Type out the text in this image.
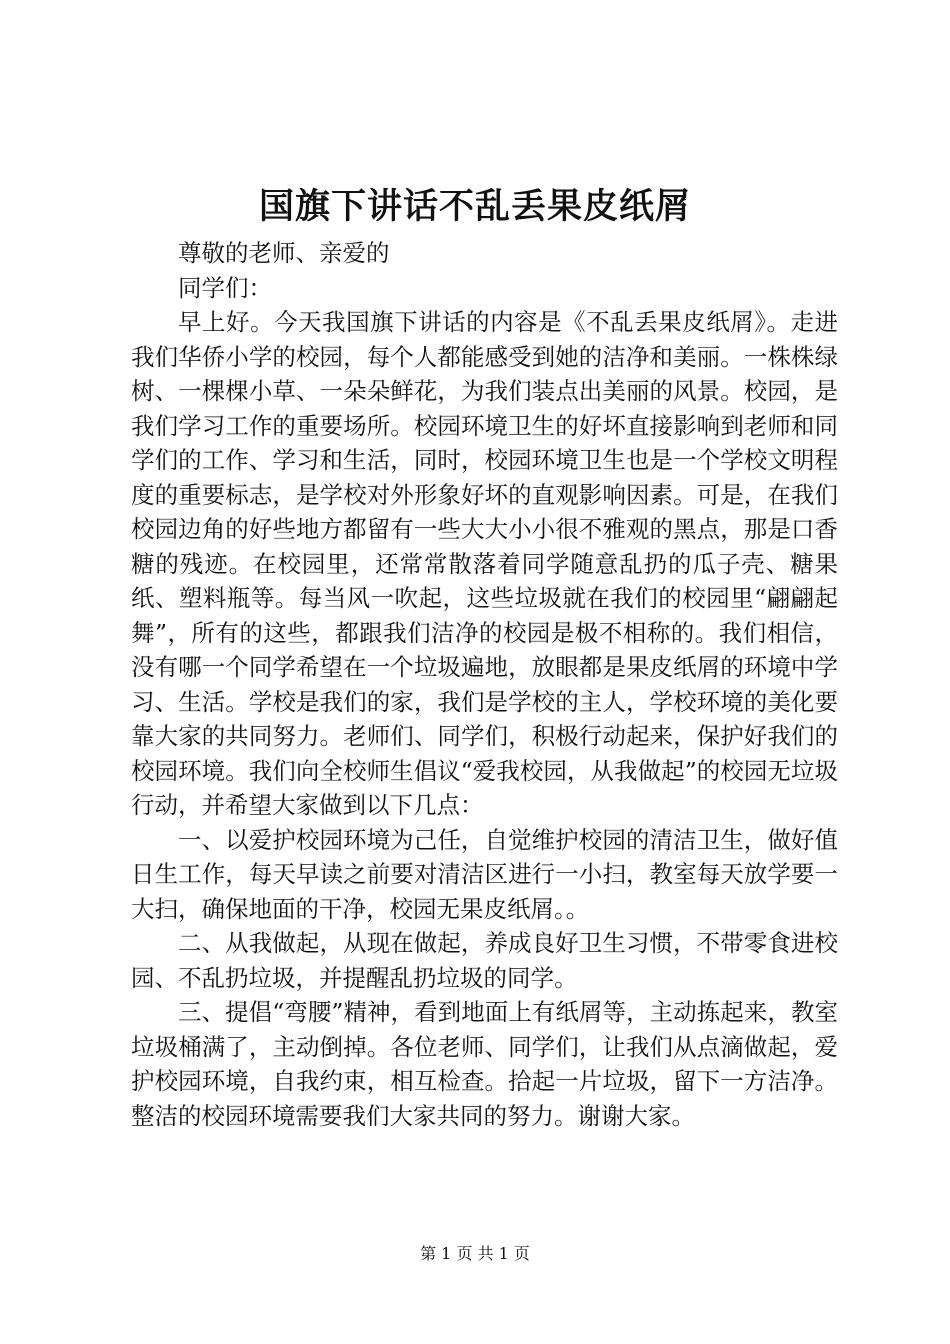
国旗下讲话不乱丢果皮纸屑

尊敬的老师、亲爱的

同学们：

早上好。今天我国旗下讲话的内容是《不乱丢果皮纸屑》。走进我们华侨小学的校园，每个人都能感受到她的洁净和美丽。一株株绿树、一棵棵小草、一朵朵鲜花，为我们装点出美丽的风景。校园，是我们学习工作的重要场所。校园环境卫生的好坏直接影响到老师和同学们的工作、学习和生活，同时，校园环境卫生也是一个学校文明程度的重要标志，是学校对外形象好坏的直观影响因素。可是，在我们校园边角的好些地方都留有一些大大小小很不雅观的黑点，那是口香糖的残迹。在校园里，还常常散落着同学随意乱扔的瓜子壳、糖果纸、塑料瓶等。每当风一吹起，这些垃圾就在我们的校园里“翩翩起舞”，所有的这些，都跟我们洁净的校园是极不相称的。我们相信，没有哪一个同学希望在一个垃圾遍地，放眼都是果皮纸屑的环境中学习、生活。学校是我们的家，我们是学校的主人，学校环境的美化要靠大家的共同努力。老师们、同学们，积极行动起来，保护好我们的校园环境。我们向全校师生倡议“爱我校园，从我做起”的校园无垃圾行动，并希望大家做到以下几点：

一、以爱护校园环境为己任，自觉维护校园的清洁卫生，做好值日生工作，每天早读之前要对清洁区进行一小扫，教室每天放学要一大扫，确保地面的干净，校园无果皮纸屑。。

二、从我做起，从现在做起，养成良好卫生习惯，不带零食进校园、不乱扔垃圾，并提醒乱扔垃圾的同学。

三、提倡“弯腰”精神，看到地面上有纸屑等，主动拣起来，教室垃圾桶满了，主动倒掉。各位老师、同学们，让我们从点滴做起，爱护校园环境，自我约束，相互检查。拾起一片垃圾，留下一方洁净。整洁的校园环境需要我们大家共同的努力。谢谢大家。

第 1 页 共 1 页
